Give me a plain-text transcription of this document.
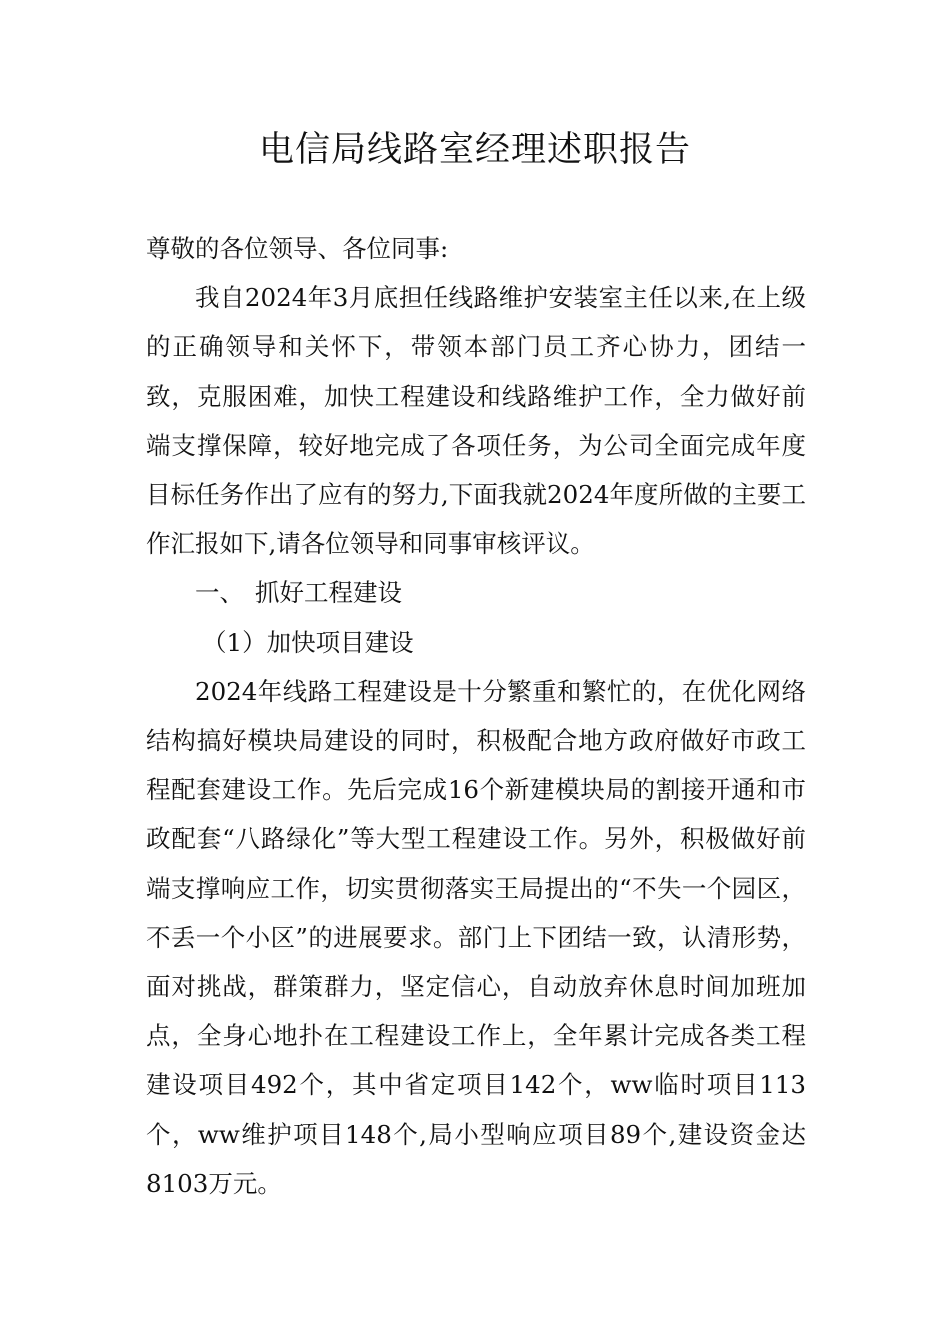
电信局线路室经理述职报告

尊敬的各位领导、各位同事:

我自2024年3月底担任线路维护安装室主任以来,在上级的正确领导和关怀下，带领本部门员工齐心协力，团结一致，克服困难，加快工程建设和线路维护工作，全力做好前端支撑保障，较好地完成了各项任务，为公司全面完成年度目标任务作出了应有的努力,下面我就2024年度所做的主要工作汇报如下,请各位领导和同事审核评议。

一、 抓好工程建设

（1）加快项目建设

2024年线路工程建设是十分繁重和繁忙的，在优化网络结构搞好模块局建设的同时，积极配合地方政府做好市政工程配套建设工作。先后完成16个新建模块局的割接开通和市政配套“八路绿化”等大型工程建设工作。另外，积极做好前端支撑响应工作，切实贯彻落实王局提出的“不失一个园区，不丢一个小区”的进展要求。部门上下团结一致，认清形势，面对挑战，群策群力，坚定信心，自动放弃休息时间加班加点，全身心地扑在工程建设工作上，全年累计完成各类工程建设项目492个，其中省定项目142个，ww临时项目113个，ww维护项目148个,局小型响应项目89个,建设资金达8103万元。
